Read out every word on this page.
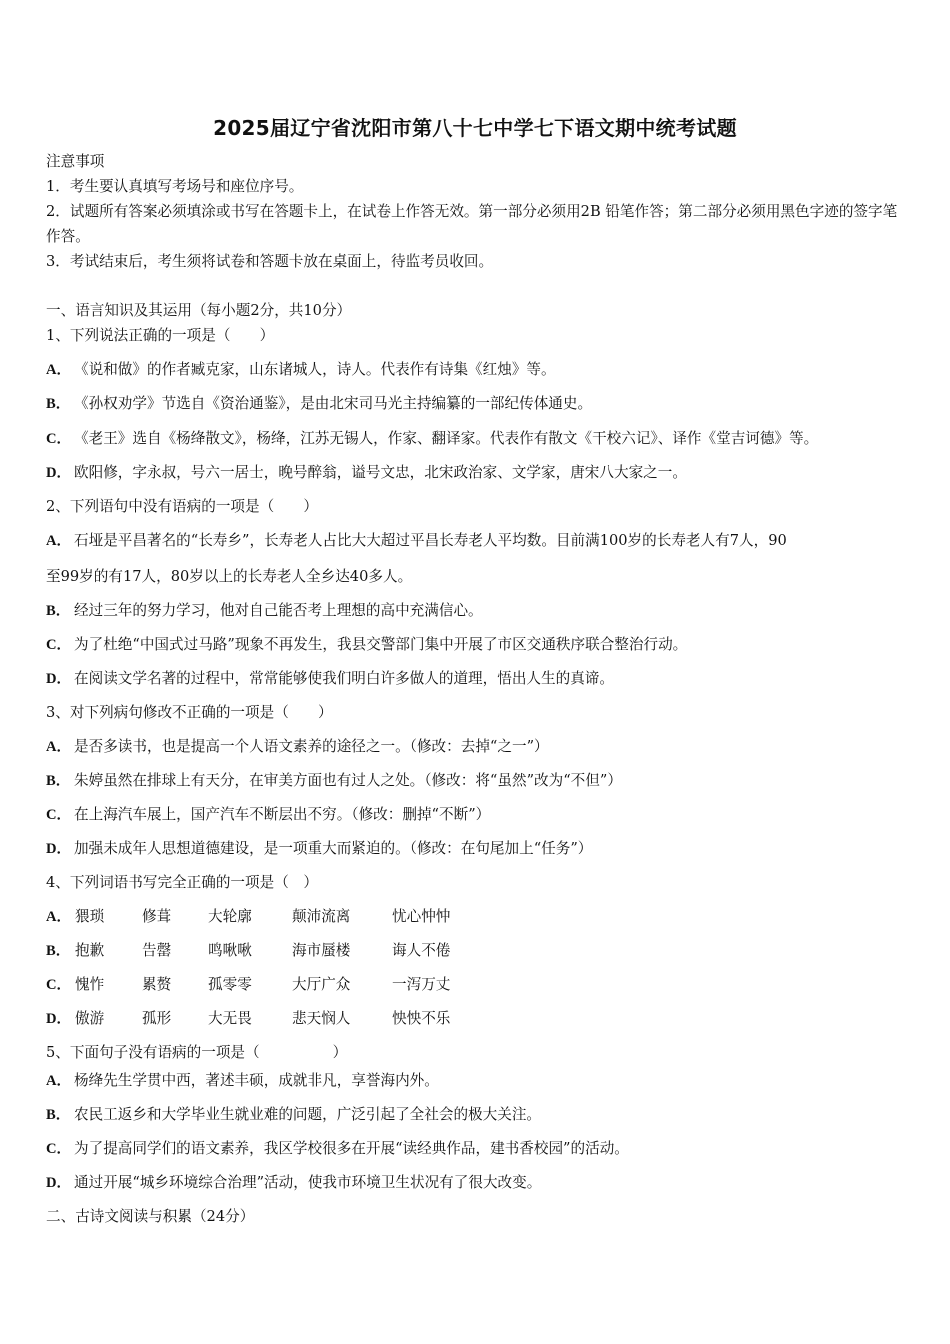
2025届辽宁省沈阳市第八十七中学七下语文期中统考试题
注意事项
1．考生要认真填写考场号和座位序号。
2．试题所有答案必须填涂或书写在答题卡上，在试卷上作答无效。第一部分必须用2B 铅笔作答；第二部分必须用黑色字迹的签字笔作答。
3．考试结束后，考生须将试卷和答题卡放在桌面上，待监考员收回。
一、语言知识及其运用（每小题2分，共10分）
1、下列说法正确的一项是（　　）
A． 《说和做》的作者臧克家，山东诸城人，诗人。代表作有诗集《红烛》等。
B． 《孙权劝学》节选自《资治通鉴》，是由北宋司马光主持编纂的一部纪传体通史。
C． 《老王》选自《杨绛散文》，杨绛，江苏无锡人，作家、翻译家。代表作有散文《干校六记》、译作《堂吉诃德》等。
D． 欧阳修，字永叔，号六一居士，晚号醉翁，谥号文忠，北宋政治家、文学家，唐宋八大家之一。
2、下列语句中没有语病的一项是（　　）
A． 石垭是平昌著名的“长寿乡”，长寿老人占比大大超过平昌长寿老人平均数。目前满100岁的长寿老人有7人，90
至99岁的有17人，80岁以上的长寿老人全乡达40多人。
B． 经过三年的努力学习，他对自己能否考上理想的高中充满信心。
C． 为了杜绝“中国式过马路”现象不再发生，我县交警部门集中开展了市区交通秩序联合整治行动。
D． 在阅读文学名著的过程中，常常能够使我们明白许多做人的道理，悟出人生的真谛。
3、对下列病句修改不正确的一项是（　　）
A． 是否多读书，也是提高一个人语文素养的途径之一。（修改：去掉“之一”）
B． 朱婷虽然在排球上有天分，在审美方面也有过人之处。（修改：将“虽然”改为“不但”）
C． 在上海汽车展上，国产汽车不断层出不穷。（修改：删掉“不断”）
D． 加强未成年人思想道德建设，是一项重大而紧迫的。（修改：在句尾加上“任务”）
4、下列词语书写完全正确的一项是（　）
A． 猥琐	修葺	大轮廓	颠沛流离	忧心忡忡
B． 抱歉	告罄	鸣啾啾	海市蜃楼	诲人不倦
C． 愧怍	累赘	孤零零	大厅广众	一泻万丈
D． 傲游	孤形	大无畏	悲天悯人	怏怏不乐
5、下面句子没有语病的一项是（　　　　　）
A． 杨绛先生学贯中西，著述丰硕，成就非凡，享誉海内外。
B． 农民工返乡和大学毕业生就业难的问题，广泛引起了全社会的极大关注。
C． 为了提高同学们的语文素养，我区学校很多在开展“读经典作品，建书香校园”的活动。
D． 通过开展“城乡环境综合治理”活动，使我市环境卫生状况有了很大改变。
二、古诗文阅读与积累（24分）
